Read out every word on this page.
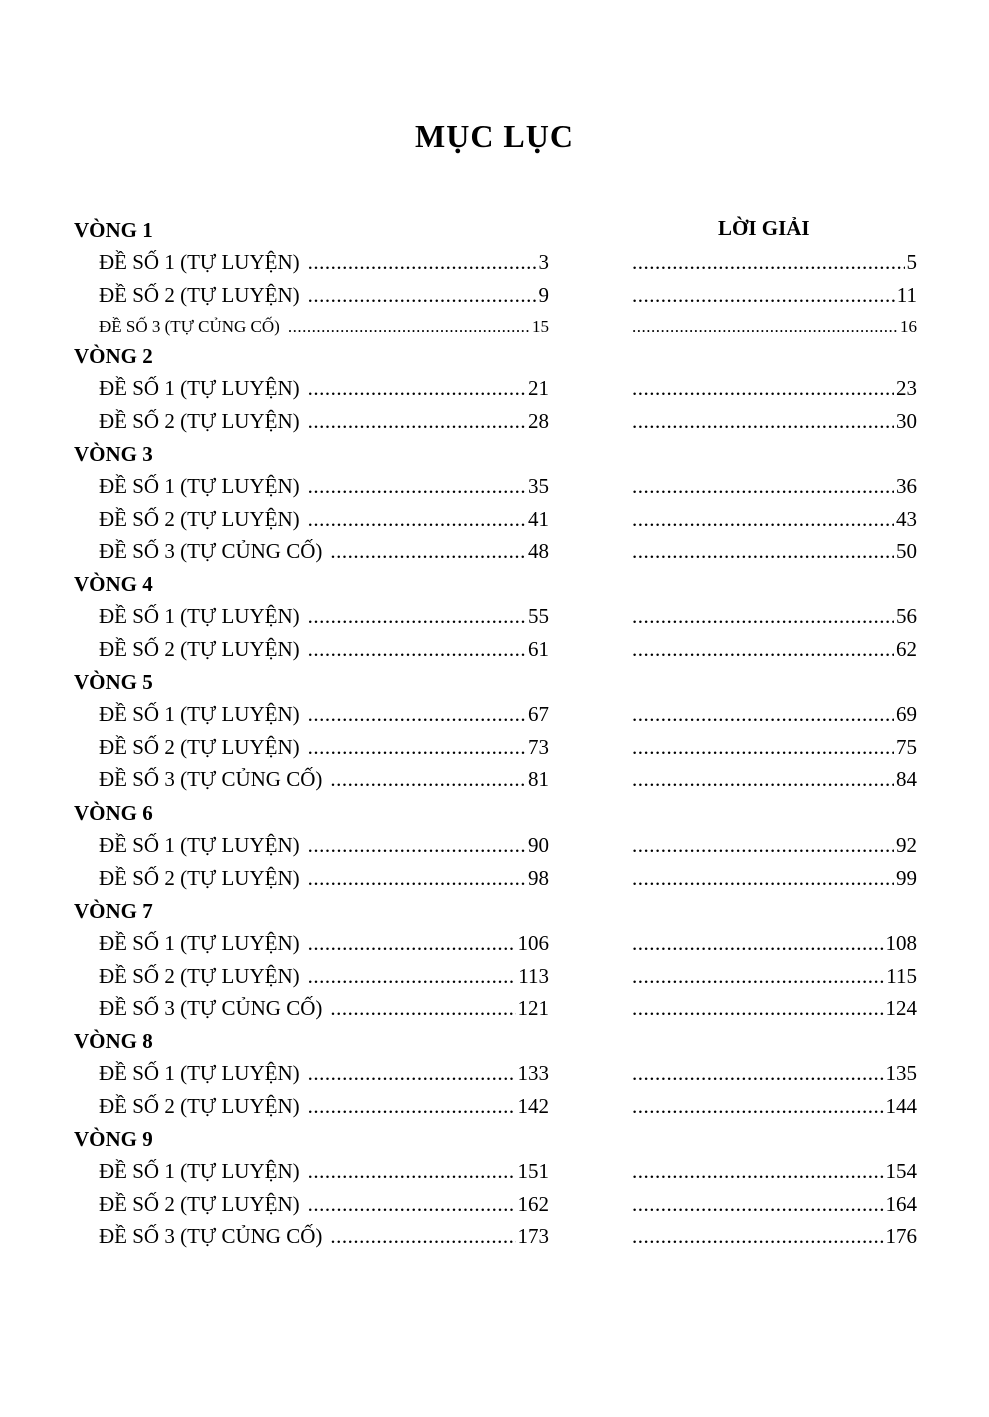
MỤC LỤC
LỜI GIẢI
VÒNG 1
ĐỀ SỐ 1 (TỰ LUYỆN) .....	3 .....	5
ĐỀ SỐ 2 (TỰ LUYỆN) .....	9 .....	11
ĐỀ SỐ 3 (TỰ CỦNG CỐ) .....	15 .....	16
VÒNG 2
ĐỀ SỐ 1 (TỰ LUYỆN) .....	21 .....	23
ĐỀ SỐ 2 (TỰ LUYỆN) .....	28 .....	30
VÒNG 3
ĐỀ SỐ 1 (TỰ LUYỆN) .....	35 .....	36
ĐỀ SỐ 2 (TỰ LUYỆN) .....	41 .....	43
ĐỀ SỐ 3 (TỰ CỦNG CỐ) .....	48 .....	50
VÒNG 4
ĐỀ SỐ 1 (TỰ LUYỆN) .....	55 .....	56
ĐỀ SỐ 2 (TỰ LUYỆN) .....	61 .....	62
VÒNG 5
ĐỀ SỐ 1 (TỰ LUYỆN) .....	67 .....	69
ĐỀ SỐ 2 (TỰ LUYỆN) .....	73 .....	75
ĐỀ SỐ 3 (TỰ CỦNG CỐ) .....	81 .....	84
VÒNG 6
ĐỀ SỐ 1 (TỰ LUYỆN) .....	90 .....	92
ĐỀ SỐ 2 (TỰ LUYỆN) .....	98 .....	99
VÒNG 7
ĐỀ SỐ 1 (TỰ LUYỆN) .....	106 .....	108
ĐỀ SỐ 2 (TỰ LUYỆN) .....	113 .....	115
ĐỀ SỐ 3 (TỰ CỦNG CỐ) .....	121 .....	124
VÒNG 8
ĐỀ SỐ 1 (TỰ LUYỆN) .....	133 .....	135
ĐỀ SỐ 2 (TỰ LUYỆN) .....	142 .....	144
VÒNG 9
ĐỀ SỐ 1 (TỰ LUYỆN) .....	151 .....	154
ĐỀ SỐ 2 (TỰ LUYỆN) .....	162 .....	164
ĐỀ SỐ 3 (TỰ CỦNG CỐ) .....	173 .....	176
